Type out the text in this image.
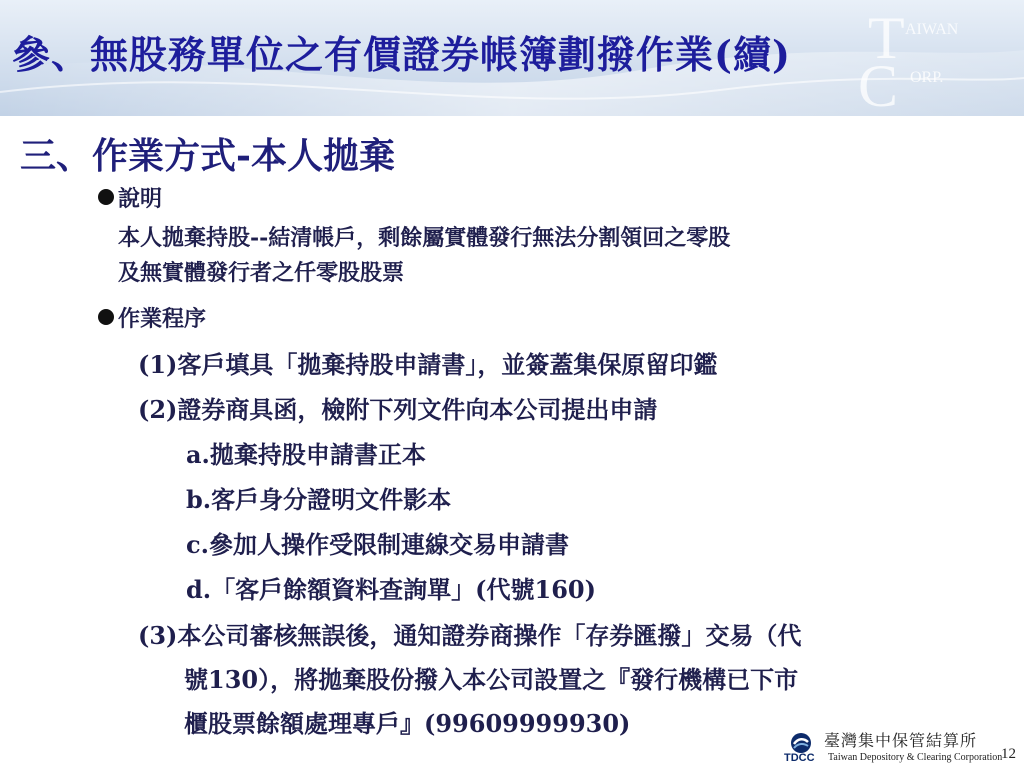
T AIWAN
C ORP.
參、無股務單位之有價證券帳簿劃撥作業(續)
三、作業方式-本人拋棄
說明
本人拋棄持股--結清帳戶，剩餘屬實體發行無法分割領回之零股
及無實體發行者之仟零股股票
作業程序
(1)客戶填具「拋棄持股申請書」，並簽蓋集保原留印鑑
(2)證券商具函，檢附下列文件向本公司提出申請
a.拋棄持股申請書正本
b.客戶身分證明文件影本
c.參加人操作受限制連線交易申請書
d.「客戶餘額資料查詢單」(代號160)
(3)本公司審核無誤後，通知證券商操作「存券匯撥」交易（代
號130），將拋棄股份撥入本公司設置之『發行機構已下市
櫃股票餘額處理專戶』(99609999930)
TDCC
臺灣集中保管結算所
Taiwan Depository & Clearing Corporation
12
